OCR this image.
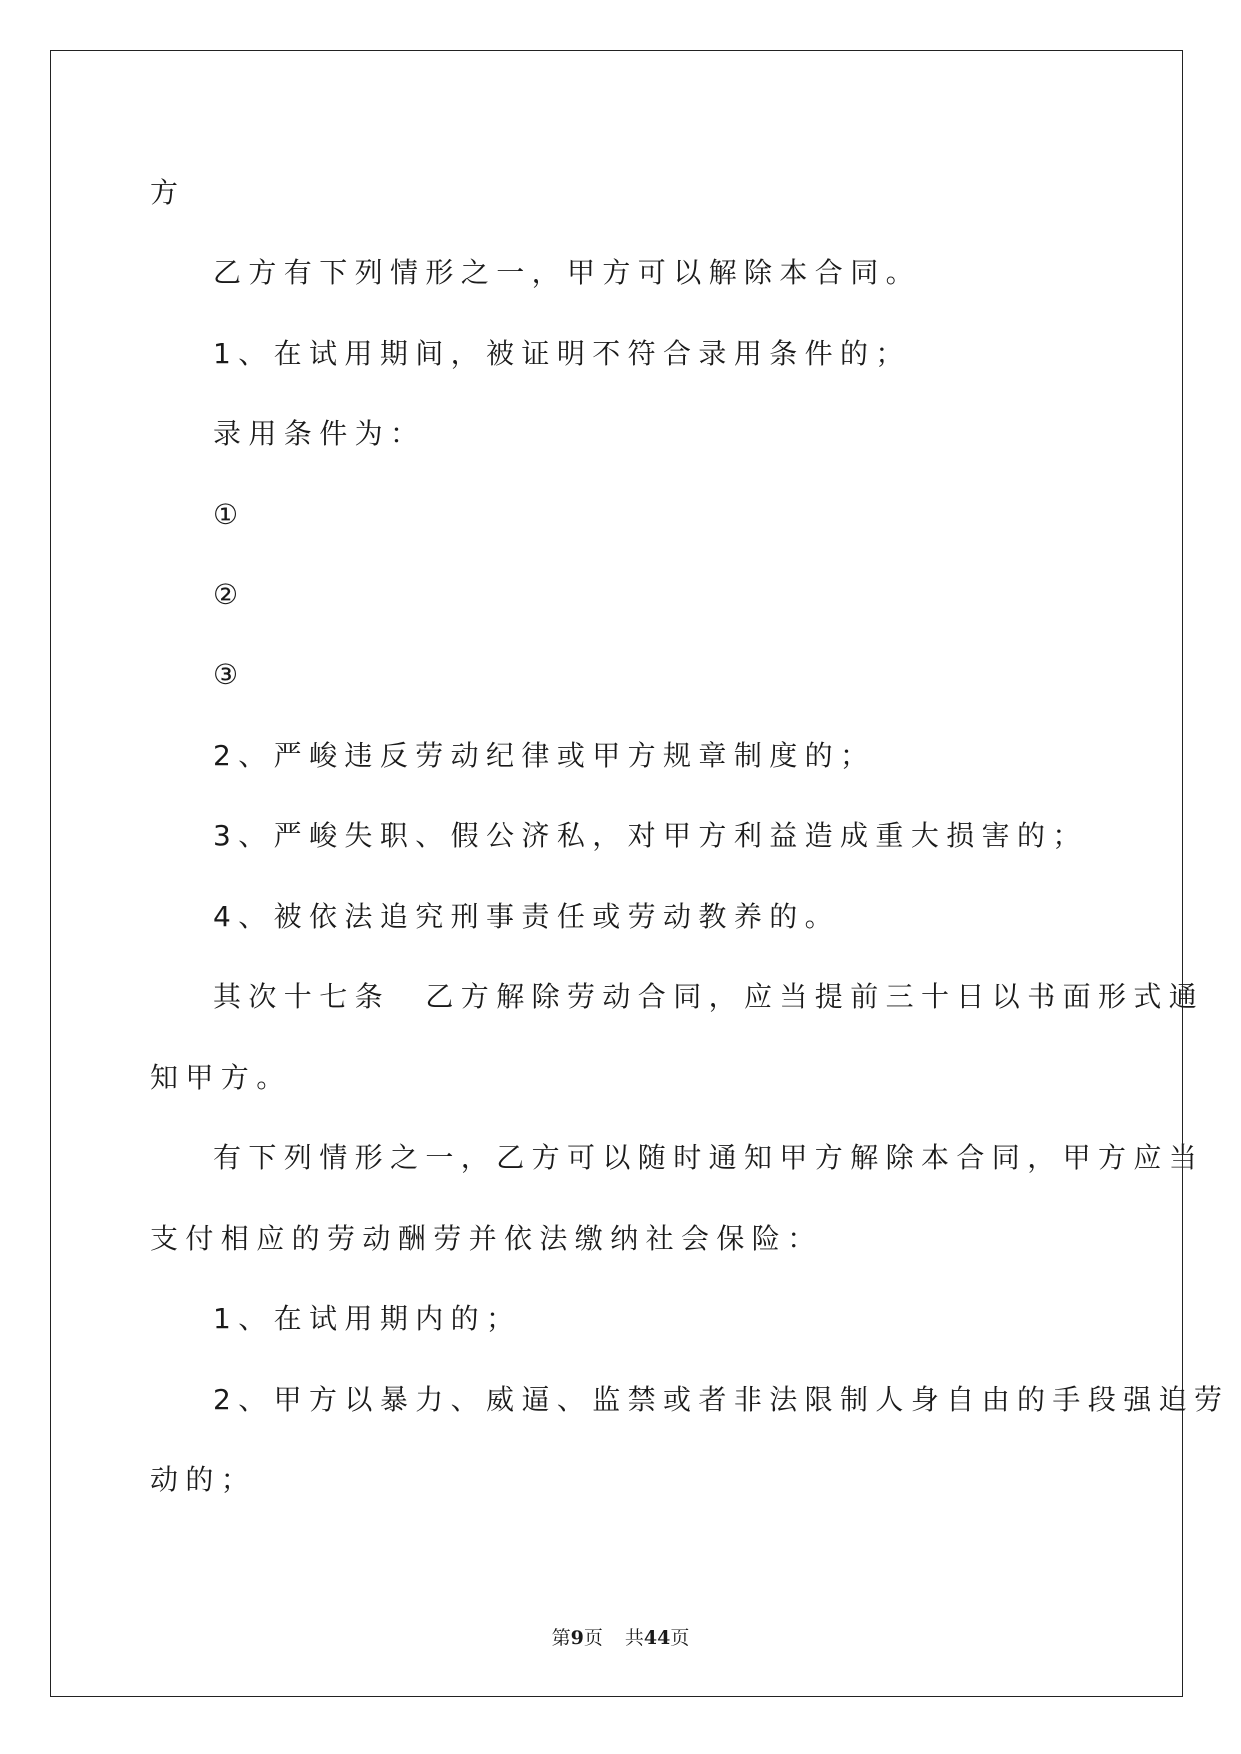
方
乙方有下列情形之一，甲方可以解除本合同。
1、在试用期间，被证明不符合录用条件的；
录用条件为：
①
②
③
2、严峻违反劳动纪律或甲方规章制度的；
3、严峻失职、假公济私，对甲方利益造成重大损害的；
4、被依法追究刑事责任或劳动教养的。
其次十七条　乙方解除劳动合同，应当提前三十日以书面形式通
知甲方。
有下列情形之一，乙方可以随时通知甲方解除本合同，甲方应当
支付相应的劳动酬劳并依法缴纳社会保险：
1、在试用期内的；
2、甲方以暴力、威逼、监禁或者非法限制人身自由的手段强迫劳
动的；
第9页 共44页
